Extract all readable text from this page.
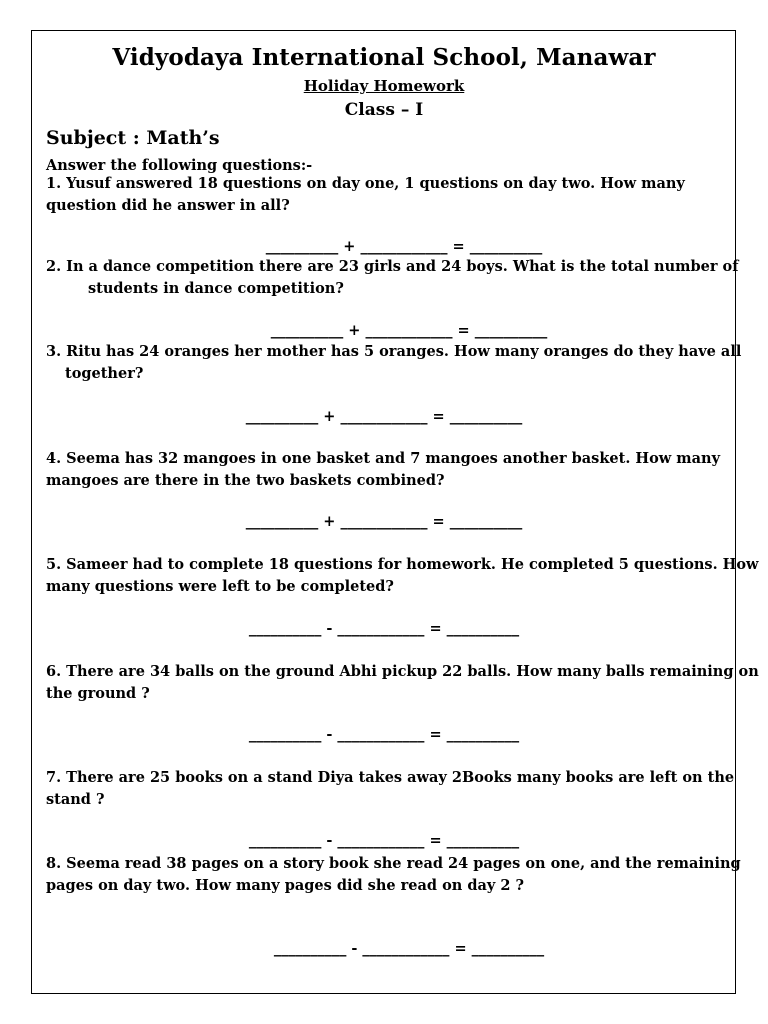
Vidyodaya International School, Manawar
Holiday Homework
Class – I
Subject : Math’s
Answer the following questions:-
1. Yusuf answered 18 questions on day one, 1 questions on day two. How many
question did he answer in all?
__________ + ____________ = __________
2. In a dance competition there are 23 girls and 24 boys. What is the total number of
students in dance competition?
__________ + ____________ = __________
3. Ritu has 24 oranges her mother has 5 oranges. How many oranges do they have all
together?
__________ + ____________ = __________
4. Seema has 32 mangoes in one basket and 7 mangoes another basket. How many
mangoes are there in the two baskets combined?
__________ + ____________ = __________
5. Sameer had to complete 18 questions for homework. He completed 5 questions. How
many questions were left to be completed?
__________ - ____________ = __________
6. There are 34 balls on the ground Abhi pickup 22 balls. How many balls remaining on
the ground ?
__________ - ____________ = __________
7. There are 25 books on a stand Diya takes away 2Books many books are left on the
stand ?
__________ - ____________ = __________
8. Seema read 38 pages on a story book she read 24 pages on one, and the remaining
pages on day two. How many pages did she read on day 2 ?
__________ - ____________ = __________
